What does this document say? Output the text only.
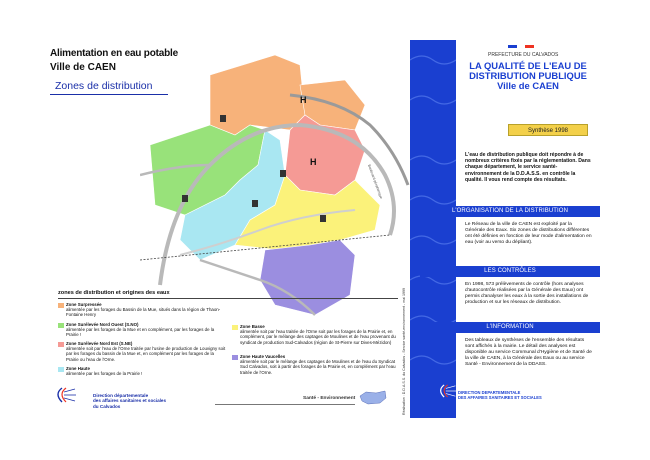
Alimentation en eau potable
Ville de CAEN
Zones de distribution
H
H
Boulevard périphérique
zones de distribution et origines des eaux
Zone Surpressée
alimentée par les forages du Bassin de la Mue, situés dans la région de Thaon-Fontaine Henry
Zone Surélevée Nord Ouest (S.NO)
alimentée par les forages de la Mue et en complément, par les forages de la Prairie !
Zone Surélevée Nord Est (S.NE)
alimentée soit par l'eau de l'Orne traitée par l'usine de production de Louvigny soit par les forages du bassin de la Mue et, en complément par les forages de la Prairie ou l'eau de l'Orne.
Zone Haute
alimentée par les forages de la Prairie !
Zone Basse
alimentée soit par l'eau traitée de l'Orne soit par les forages de la Prairie et, en complément, par le mélange des captages de Moulines et de l'eau provenant du syndicat de production Sud-Calvados (région de St-Pierre sur Dives-Mézidon)
Zone Haute Vaucelles
alimentée soit par le mélange des captages de Moulines et de l'eau du Syndicat Sud Calvados, soit à partir des forages de la Prairie et, en complément par l'eau traitée de l'Orne.
Direction départementale
des affaires sanitaires et sociales
du Calvados
Santé - Environnement	Réalisation : D.D.A.S.S. du Calvados - Service santé-environnement - mai 1999
PREFECTURE DU CALVADOS
LA QUALITÉ DE L'EAU DE
DISTRIBUTION PUBLIQUE
Ville de CAEN
Synthèse 1998
L'eau de distribution publique doit répondre à de nombreux critères fixés par la réglementation. Dans chaque département, le service santé-environnement de la D.D.A.S.S. en contrôle la qualité. Il vous rend compte des résultats.
L'ORGANISATION DE LA DISTRIBUTION
Le Réseau de la ville de CAEN est exploité par la Générale des Eaux. Six zones de distributions différentes ont été définies en fonction de leur mode d'alimentation en eau (voir au verso du dépliant).
LES CONTRÔLES
En 1998, 573 prélèvements de contrôle (hors analyses d'autocontrôle réalisées par la Générale des Eaux) ont permis d'analyser les eaux à la sortie des installations de production et sur les réseaux de distribution.
L'INFORMATION
Des tableaux de synthèses de l'ensemble des résultats sont affichés à la mairie. Le détail des analyses est disponible au service Communal d'Hygiène et de Santé de la ville de CAEN, à la Générale des Eaux ou au service Santé - Environnement de la DDASS.
DIRECTION DEPARTEMENTALE
DES AFFAIRES SANITAIRES ET SOCIALES
